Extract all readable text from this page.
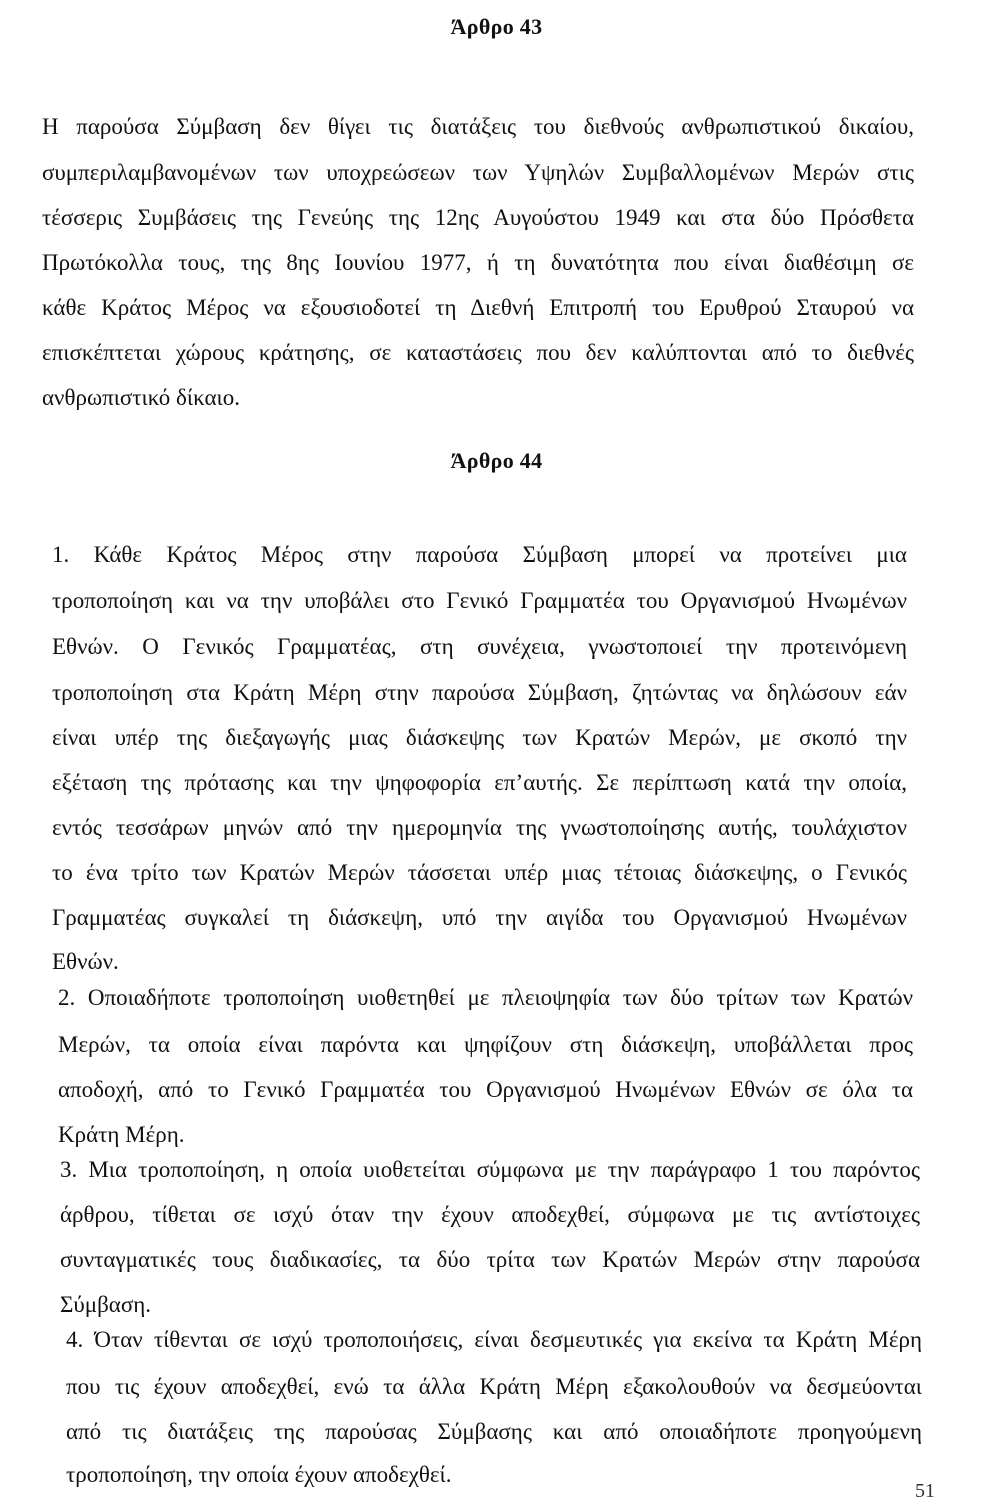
Άρθρο 43
Η παρούσα Σύμβαση δεν θίγει τις διατάξεις του διεθνούς ανθρωπιστικού δικαίου,
συμπεριλαμβανομένων των υποχρεώσεων των Υψηλών Συμβαλλομένων Μερών στις
τέσσερις Συμβάσεις της Γενεύης της 12ης Αυγούστου 1949 και στα δύο Πρόσθετα
Πρωτόκολλα τους, της 8ης Ιουνίου 1977, ή τη δυνατότητα που είναι διαθέσιμη σε
κάθε Κράτος Μέρος να εξουσιοδοτεί τη Διεθνή Επιτροπή του Ερυθρού Σταυρού να
επισκέπτεται χώρους κράτησης, σε καταστάσεις που δεν καλύπτονται από το διεθνές
ανθρωπιστικό δίκαιο.
Άρθρο 44
1. Κάθε Κράτος Μέρος στην παρούσα Σύμβαση μπορεί να προτείνει μια
τροποποίηση και να την υποβάλει στο Γενικό Γραμματέα του Οργανισμού Ηνωμένων
Εθνών. Ο Γενικός Γραμματέας, στη συνέχεια, γνωστοποιεί την προτεινόμενη
τροποποίηση στα Κράτη Μέρη στην παρούσα Σύμβαση, ζητώντας να δηλώσουν εάν
είναι υπέρ της διεξαγωγής μιας διάσκεψης των Κρατών Μερών, με σκοπό την
εξέταση της πρότασης και την ψηφοφορία επ’αυτής. Σε περίπτωση κατά την οποία,
εντός τεσσάρων μηνών από την ημερομηνία της γνωστοποίησης αυτής, τουλάχιστον
το ένα τρίτο των Κρατών Μερών τάσσεται υπέρ μιας τέτοιας διάσκεψης, ο Γενικός
Γραμματέας συγκαλεί τη διάσκεψη, υπό την αιγίδα του Οργανισμού Ηνωμένων
Εθνών.
2. Οποιαδήποτε τροποποίηση υιοθετηθεί με πλειοψηφία των δύο τρίτων των Κρατών
Μερών, τα οποία είναι παρόντα και ψηφίζουν στη διάσκεψη, υποβάλλεται προς
αποδοχή, από το Γενικό Γραμματέα του Οργανισμού Ηνωμένων Εθνών σε όλα τα
Κράτη Μέρη.
3. Μια τροποποίηση, η οποία υιοθετείται σύμφωνα με την παράγραφο 1 του παρόντος
άρθρου, τίθεται σε ισχύ όταν την έχουν αποδεχθεί, σύμφωνα με τις αντίστοιχες
συνταγματικές τους διαδικασίες, τα δύο τρίτα των Κρατών Μερών στην παρούσα
Σύμβαση.
4. Όταν τίθενται σε ισχύ τροποποιήσεις, είναι δεσμευτικές για εκείνα τα Κράτη Μέρη
που τις έχουν αποδεχθεί, ενώ τα άλλα Κράτη Μέρη εξακολουθούν να δεσμεύονται
από τις διατάξεις της παρούσας Σύμβασης και από οποιαδήποτε προηγούμενη
τροποποίηση, την οποία έχουν αποδεχθεί.
51
